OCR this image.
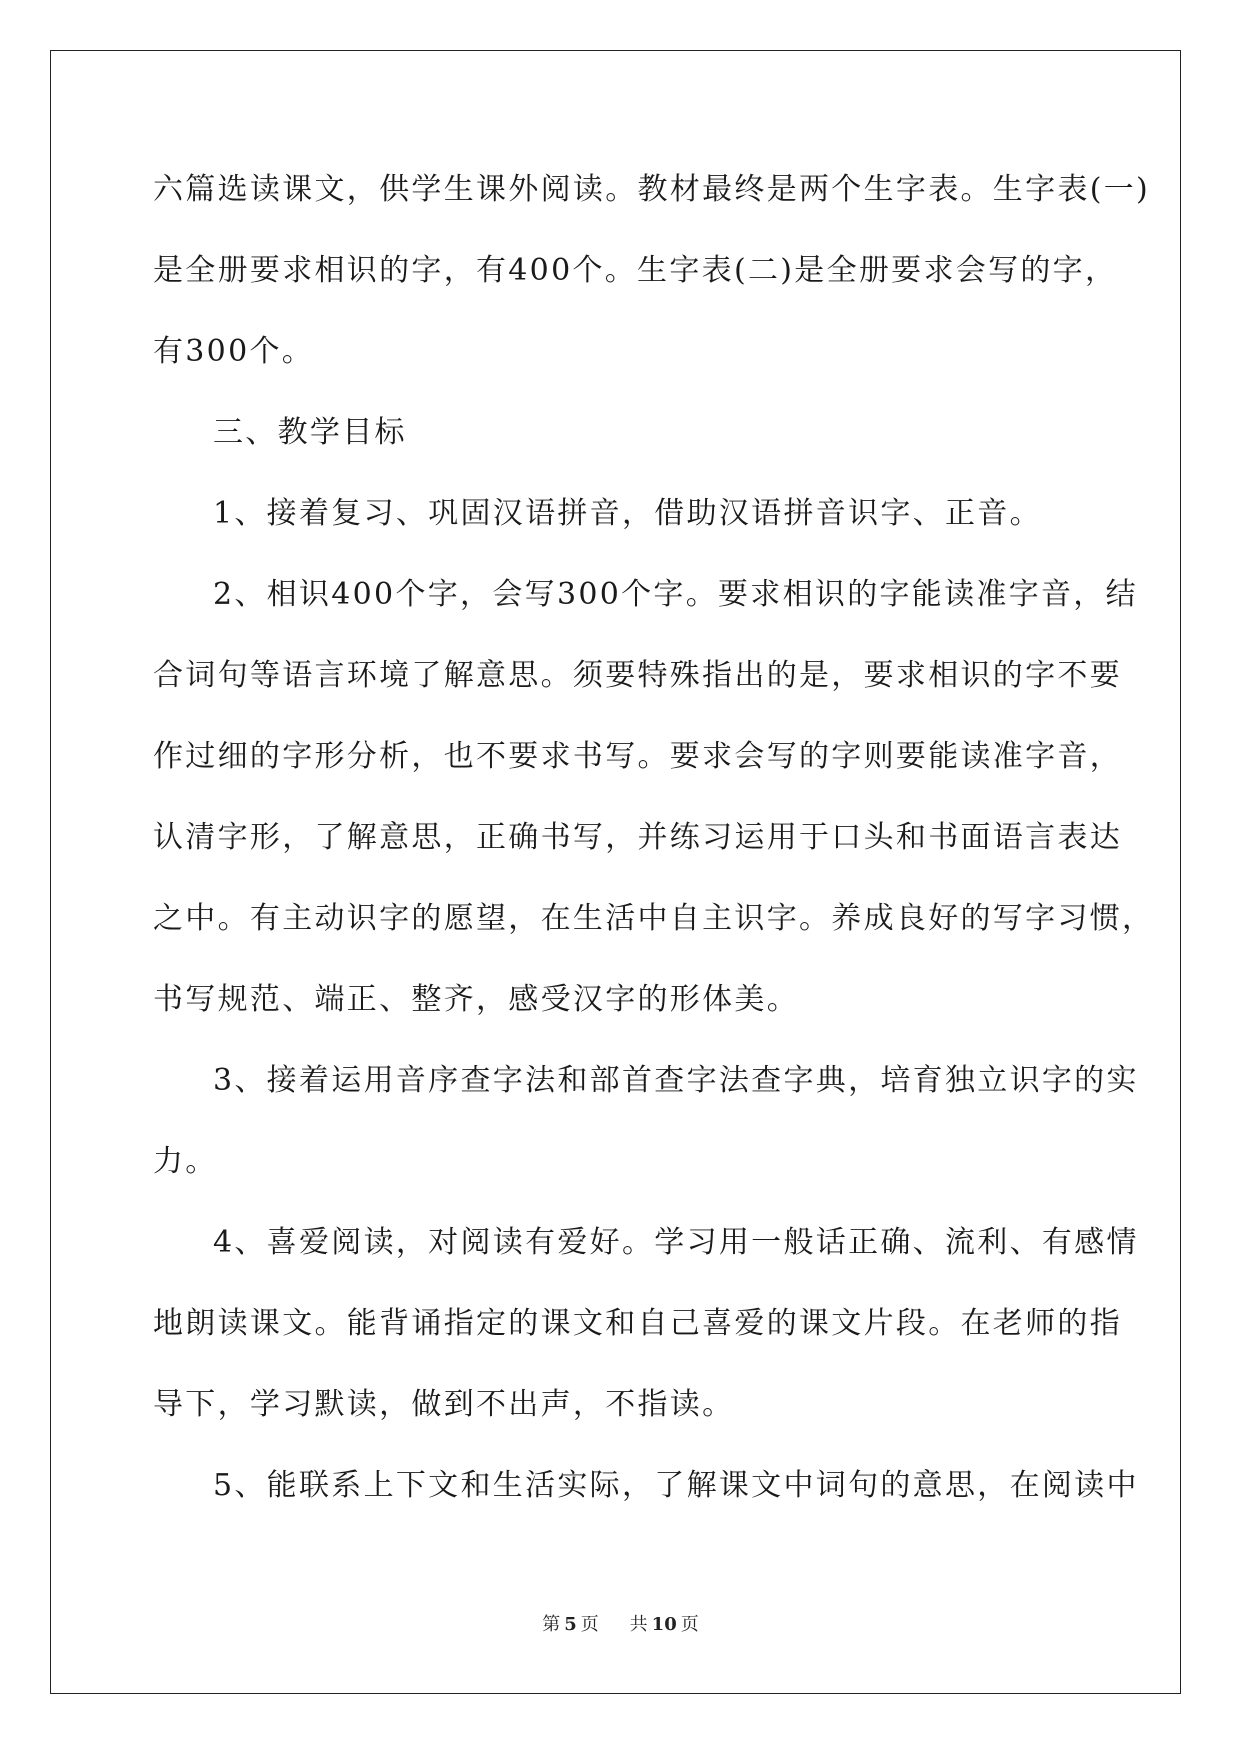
六篇选读课文，供学生课外阅读。教材最终是两个生字表。生字表(一)
是全册要求相识的字，有400个。生字表(二)是全册要求会写的字，
有300个。
三、教学目标
1、接着复习、巩固汉语拼音，借助汉语拼音识字、正音。
2、相识400个字，会写300个字。要求相识的字能读准字音，结
合词句等语言环境了解意思。须要特殊指出的是，要求相识的字不要
作过细的字形分析，也不要求书写。要求会写的字则要能读准字音，
认清字形，了解意思，正确书写，并练习运用于口头和书面语言表达
之中。有主动识字的愿望，在生活中自主识字。养成良好的写字习惯，
书写规范、端正、整齐，感受汉字的形体美。
3、接着运用音序查字法和部首查字法查字典，培育独立识字的实
力。
4、喜爱阅读，对阅读有爱好。学习用一般话正确、流利、有感情
地朗读课文。能背诵指定的课文和自己喜爱的课文片段。在老师的指
导下，学习默读，做到不出声，不指读。
5、能联系上下文和生活实际，了解课文中词句的意思，在阅读中
第 5 页 共 10 页
